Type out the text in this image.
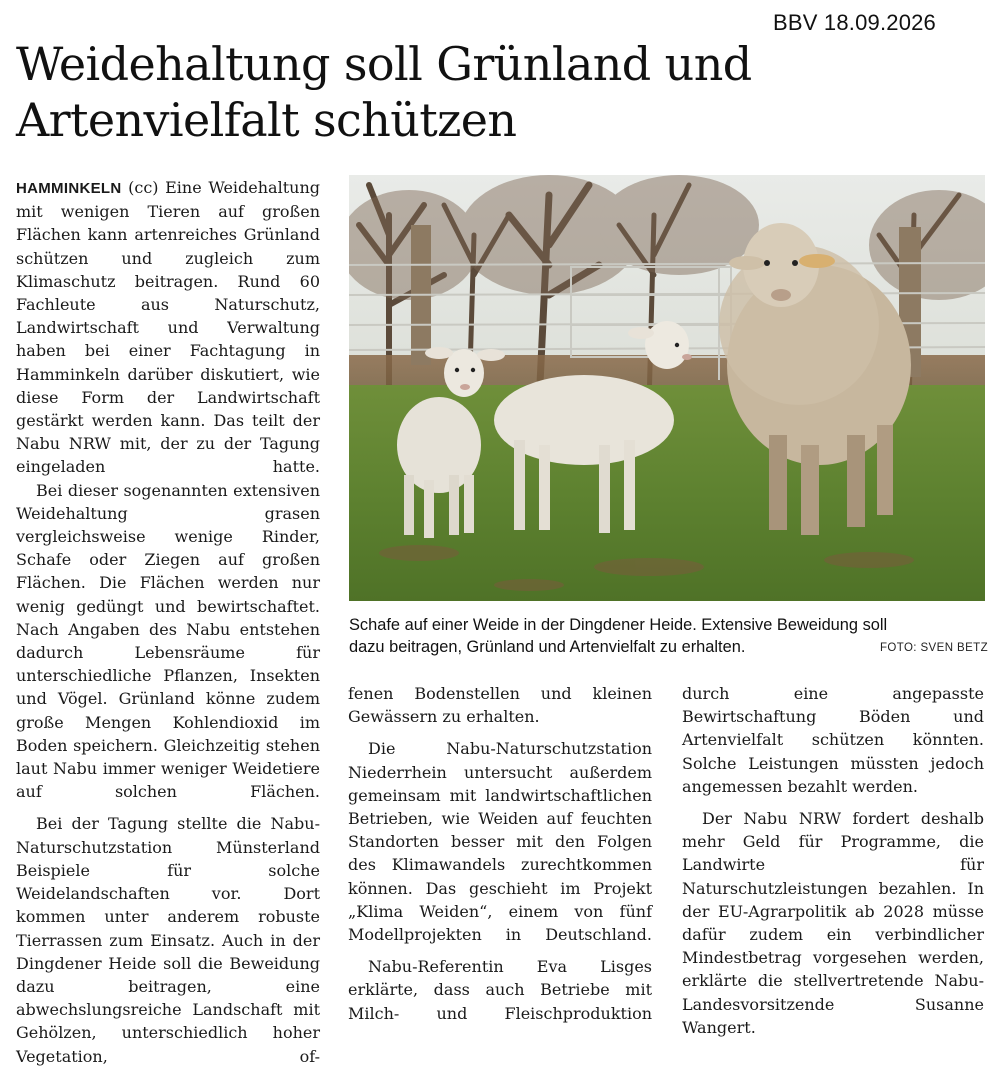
BBV 18.09.2026
Weidehaltung soll Grünland und
Artenvielfalt schützen

HAMMINKELN (cc) Eine Weidehaltung mit wenigen Tieren auf großen Flächen kann artenreiches Grünland schützen und zugleich zum Klimaschutz beitragen. Rund 60 Fachleute aus Naturschutz, Landwirtschaft und Verwaltung haben bei einer Fachtagung in Hamminkeln darüber diskutiert, wie diese Form der Landwirtschaft gestärkt werden kann. Das teilt der Nabu NRW mit, der zu der Tagung eingeladen hatte.

Bei dieser sogenannten extensiven Weidehaltung grasen vergleichsweise wenige Rinder, Schafe oder Ziegen auf großen Flächen. Die Flächen werden nur wenig gedüngt und bewirtschaftet. Nach Angaben des Nabu entstehen dadurch Lebensräume für unterschiedliche Pflanzen, Insekten und Vögel. Grünland könne zudem große Mengen Kohlendioxid im Boden speichern. Gleichzeitig stehen laut Nabu immer weniger Weidetiere auf solchen Flächen.

Bei der Tagung stellte die Nabu-Naturschutzstation Münsterland Beispiele für solche Weidelandschaften vor. Dort kommen unter anderem robuste Tierrassen zum Einsatz. Auch in der Dingdener Heide soll die Beweidung dazu beitragen, eine abwechslungsreiche Landschaft mit Gehölzen, unterschiedlich hoher Vegetation, of-

Schafe auf einer Weide in der Dingdener Heide. Extensive Beweidung soll
dazu beitragen, Grünland und Artenvielfalt zu erhalten.	FOTO: SVEN BETZ

fenen Bodenstellen und kleinen Gewässern zu erhalten.

Die Nabu-Naturschutzstation Niederrhein untersucht außerdem gemeinsam mit landwirtschaftlichen Betrieben, wie Weiden auf feuchten Standorten besser mit den Folgen des Klimawandels zurechtkommen können. Das geschieht im Projekt „Klima Weiden“, einem von fünf Modellprojekten in Deutschland.

Nabu-Referentin Eva Lisges erklärte, dass auch Betriebe mit Milch- und Fleischproduktion

durch eine angepasste Bewirtschaftung Böden und Artenvielfalt schützen könnten. Solche Leistungen müssten jedoch angemessen bezahlt werden.

Der Nabu NRW fordert deshalb mehr Geld für Programme, die Landwirte für Naturschutzleistungen bezahlen. In der EU-Agrarpolitik ab 2028 müsse dafür zudem ein verbindlicher Mindestbetrag vorgesehen werden, erklärte die stellvertretende Nabu-Landesvorsitzende Susanne Wangert.
